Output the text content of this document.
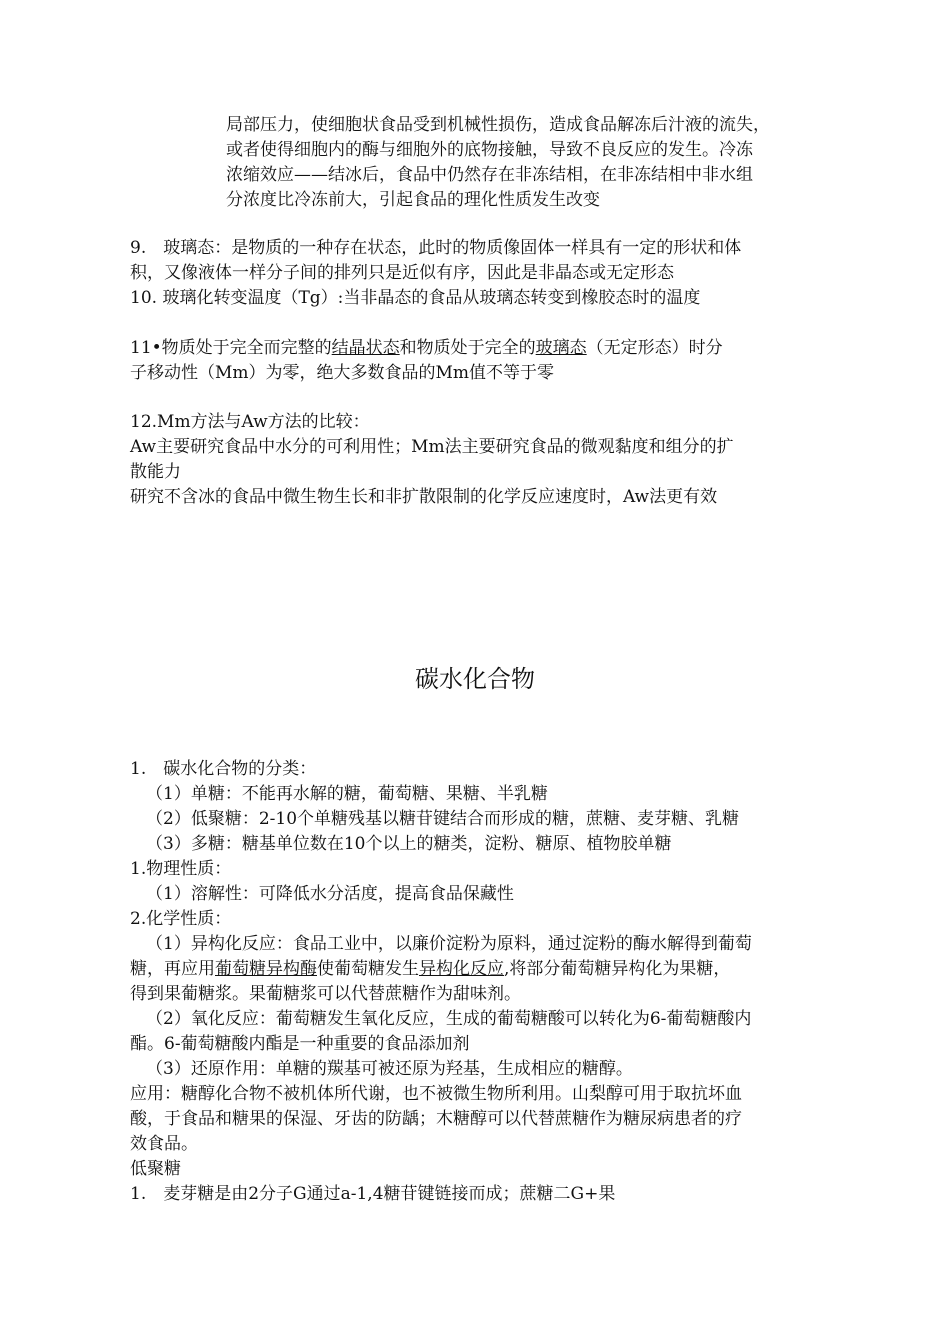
局部压力，使细胞状食品受到机械性损伤，造成食品解冻后汁液的流失，
或者使得细胞内的酶与细胞外的底物接触，导致不良反应的发生。冷冻
浓缩效应——结冰后，食品中仍然存在非冻结相，在非冻结相中非水组
分浓度比冷冻前大，引起食品的理化性质发生改变
9.　玻璃态：是物质的一种存在状态，此时的物质像固体一样具有一定的形状和体
积，又像液体一样分子间的排列只是近似有序，因此是非晶态或无定形态
10. 玻璃化转变温度（Tg）:当非晶态的食品从玻璃态转变到橡胶态时的温度
11•物质处于完全而完整的结晶状态和物质处于完全的玻璃态（无定形态）时分
子移动性（Mm）为零，绝大多数食品的Mm值不等于零
12.Mm方法与Aw方法的比较：
Aw主要研究食品中水分的可利用性；Mm法主要研究食品的微观黏度和组分的扩
散能力
研究不含冰的食品中微生物生长和非扩散限制的化学反应速度时，Aw法更有效
碳水化合物
1.　碳水化合物的分类：
（1）单糖：不能再水解的糖，葡萄糖、果糖、半乳糖
（2）低聚糖：2-10个单糖残基以糖苷键结合而形成的糖，蔗糖、麦芽糖、乳糖
（3）多糖：糖基单位数在10个以上的糖类，淀粉、糖原、植物胶单糖
1.物理性质：
（1）溶解性：可降低水分活度，提高食品保藏性
2.化学性质：
（1）异构化反应：食品工业中，以廉价淀粉为原料，通过淀粉的酶水解得到葡萄
糖，再应用葡萄糖异构酶使葡萄糖发生异构化反应,将部分葡萄糖异构化为果糖，
得到果葡糖浆。果葡糖浆可以代替蔗糖作为甜味剂。
（2）氧化反应：葡萄糖发生氧化反应，生成的葡萄糖酸可以转化为6-葡萄糖酸内
酯。6-葡萄糖酸内酯是一种重要的食品添加剂
（3）还原作用：单糖的羰基可被还原为羟基，生成相应的糖醇。
应用：糖醇化合物不被机体所代谢，也不被微生物所利用。山梨醇可用于取抗坏血
酸，于食品和糖果的保湿、牙齿的防龋；木糖醇可以代替蔗糖作为糖尿病患者的疗
效食品。
低聚糖
1.　麦芽糖是由2分子G通过a-1,4糖苷键链接而成；蔗糖二G+果
